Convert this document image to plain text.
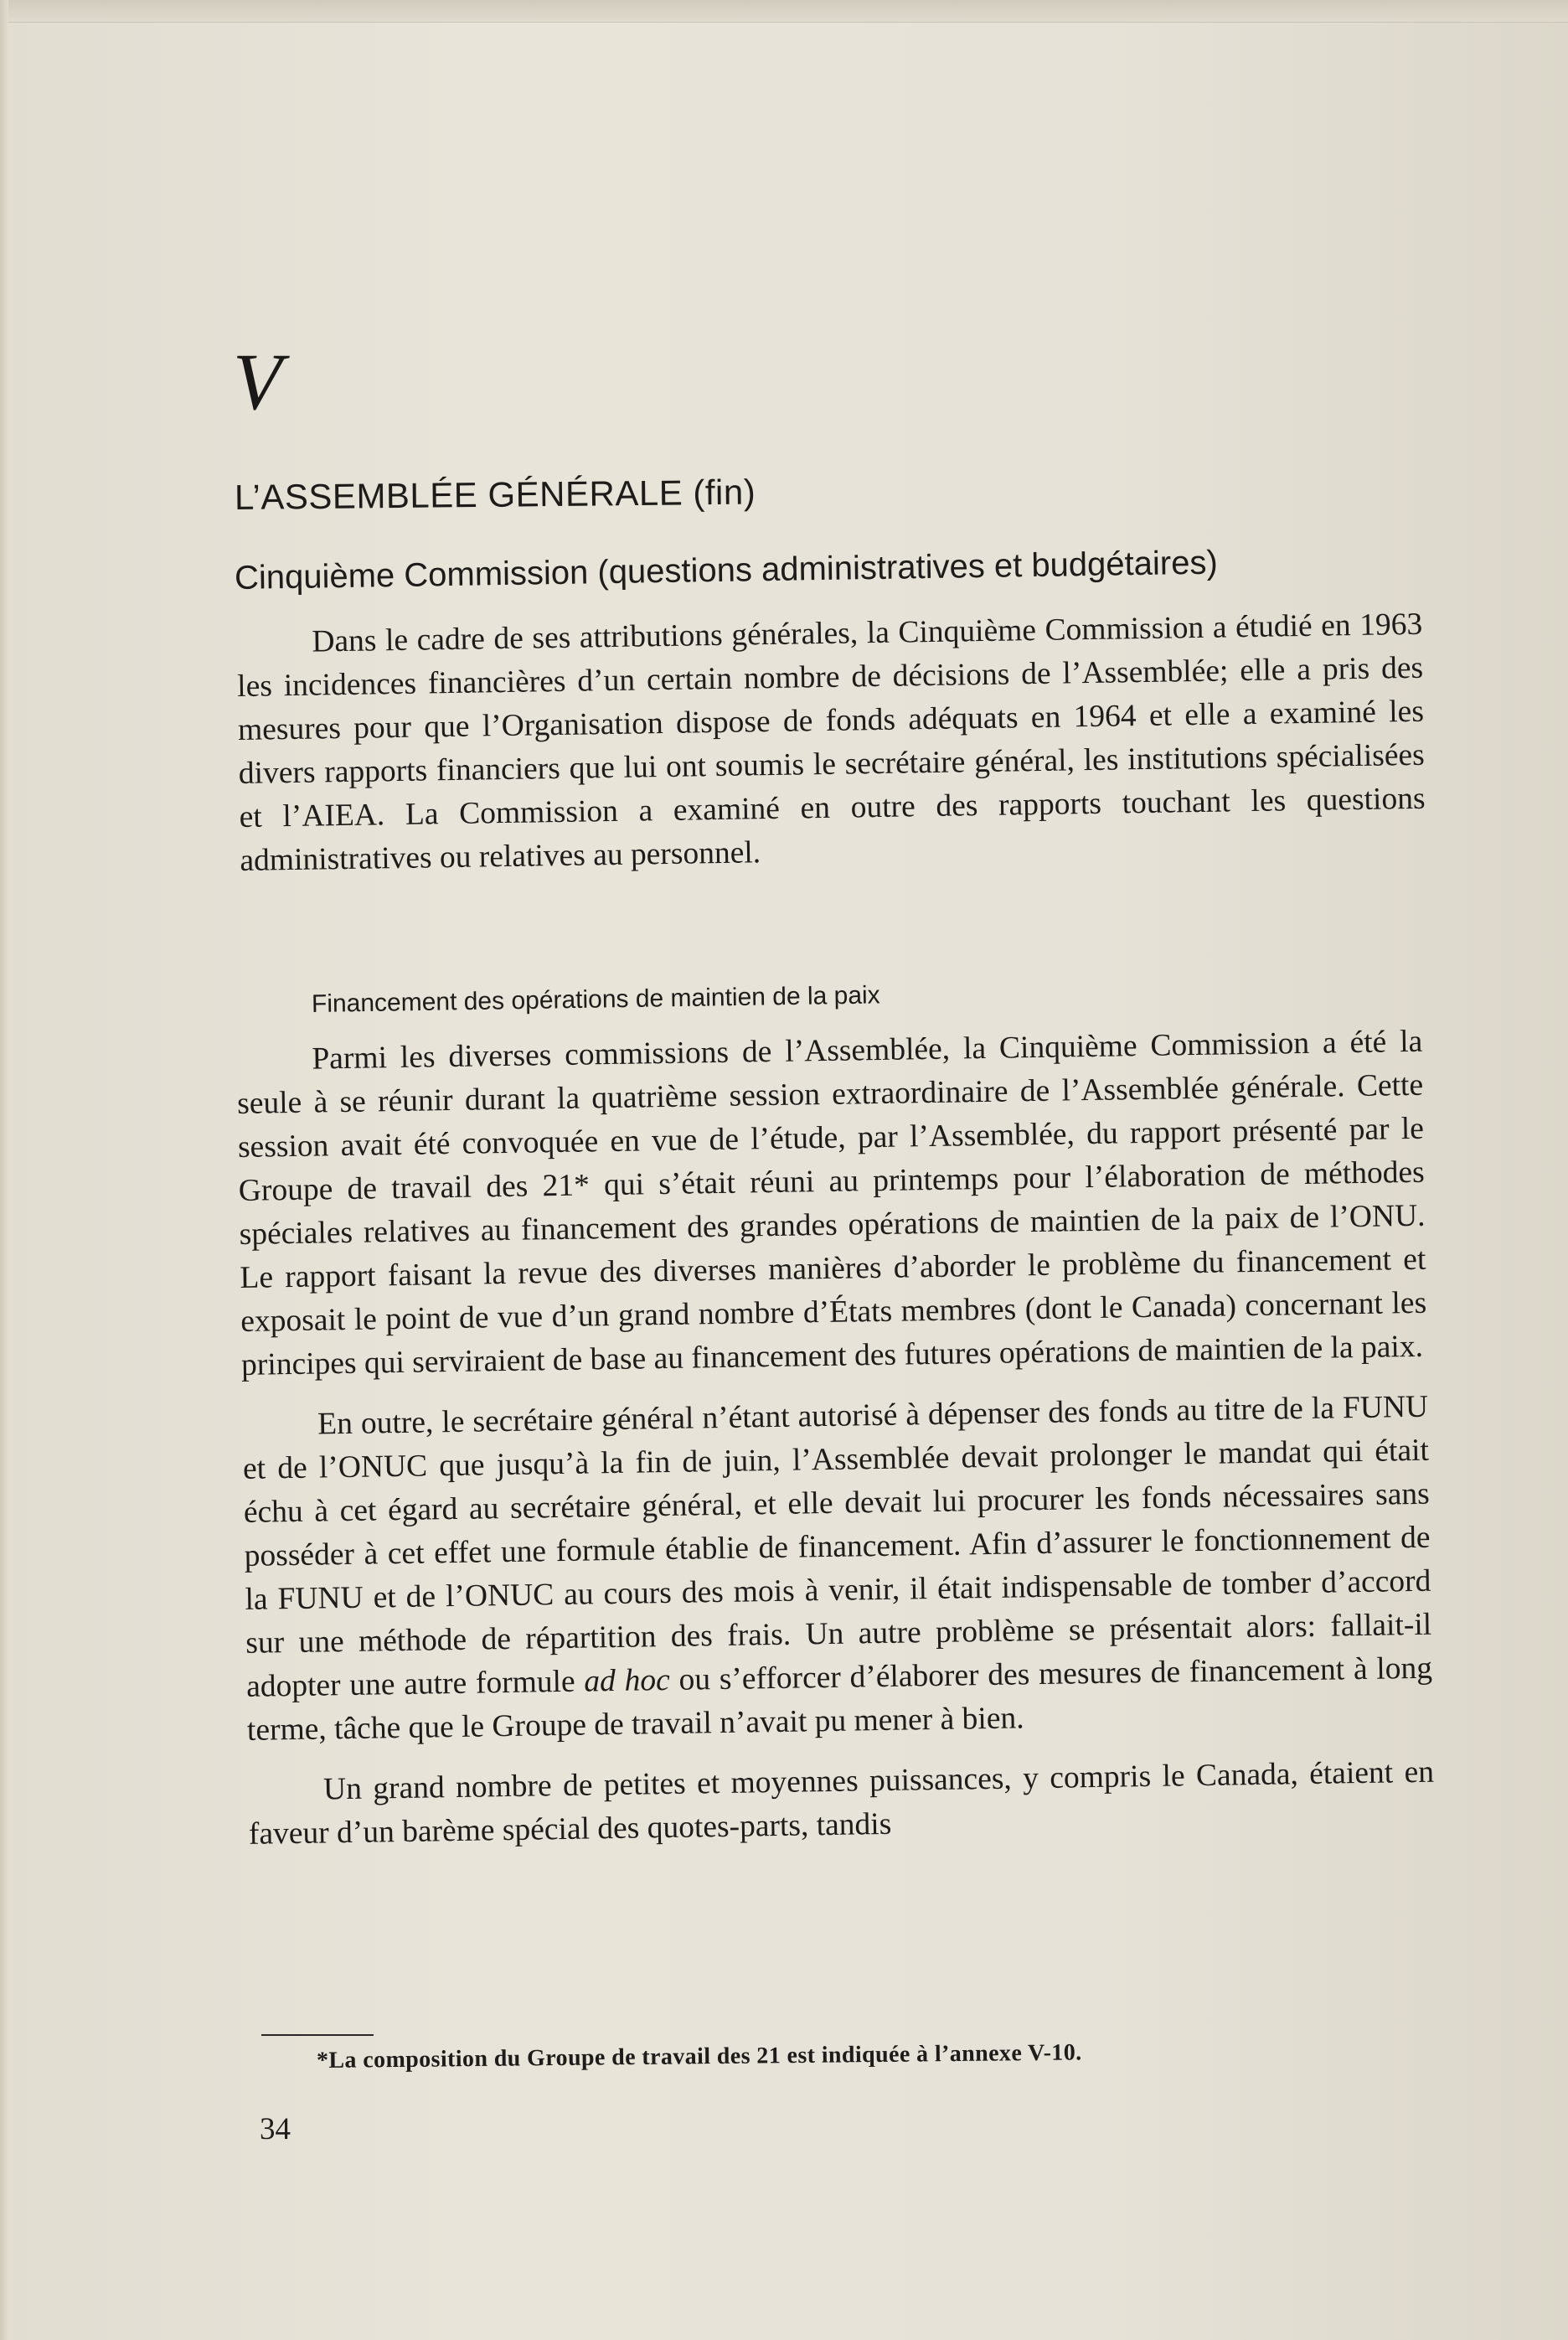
V
L’ASSEMBLÉE GÉNÉRALE (fin)
Cinquième Commission (questions administratives et budgétaires)

Dans le cadre de ses attributions générales, la Cinquième Commission a étudié en 1963 les incidences financières d’un certain nombre de décisions de l’Assemblée; elle a pris des mesures pour que l’Organisation dispose de fonds adéquats en 1964 et elle a examiné les divers rapports financiers que lui ont soumis le secrétaire général, les institutions spécialisées et l’AIEA. La Commission a examiné en outre des rapports touchant les questions administratives ou relatives au personnel.

Financement des opérations de maintien de la paix

Parmi les diverses commissions de l’Assemblée, la Cinquième Commission a été la seule à se réunir durant la quatrième session extraordinaire de l’Assemblée générale. Cette session avait été convoquée en vue de l’étude, par l’Assemblée, du rapport présenté par le Groupe de travail des 21* qui s’était réuni au printemps pour l’élaboration de méthodes spéciales relatives au financement des grandes opérations de maintien de la paix de l’ONU. Le rapport faisant la revue des diverses manières d’aborder le problème du financement et exposait le point de vue d’un grand nombre d’États membres (dont le Canada) concernant les principes qui serviraient de base au financement des futures opérations de maintien de la paix.

En outre, le secrétaire général n’étant autorisé à dépenser des fonds au titre de la FUNU et de l’ONUC que jusqu’à la fin de juin, l’Assemblée devait prolonger le mandat qui était échu à cet égard au secrétaire général, et elle devait lui procurer les fonds nécessaires sans posséder à cet effet une formule établie de financement. Afin d’assurer le fonctionnement de la FUNU et de l’ONUC au cours des mois à venir, il était indispensable de tomber d’accord sur une méthode de répartition des frais. Un autre problème se présentait alors: fallait-il adopter une autre formule ad hoc ou s’efforcer d’élaborer des mesures de financement à long terme, tâche que le Groupe de travail n’avait pu mener à bien.

Un grand nombre de petites et moyennes puissances, y compris le Canada, étaient en faveur d’un barème spécial des quotes-parts, tandis

*La composition du Groupe de travail des 21 est indiquée à l’annexe V-10.
34
